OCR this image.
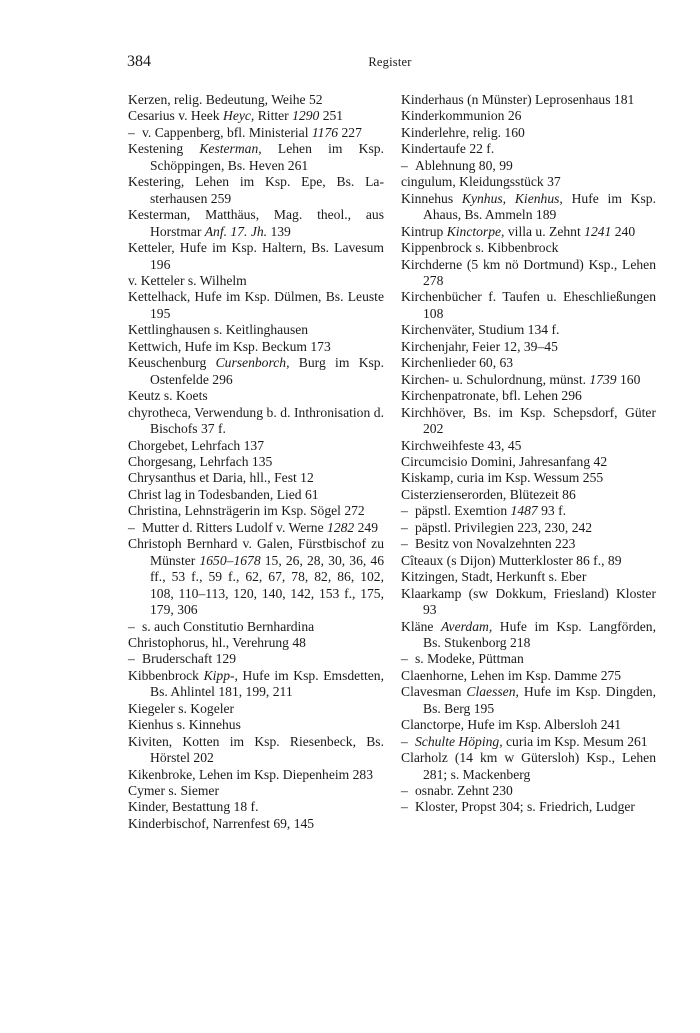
384	Register
Kerzen, relig. Bedeutung, Weihe 52
Cesarius v. Heek Heyc, Ritter 1290 251
– v. Cappenberg, bfl. Ministerial 1176 227
Kestening Kesterman, Lehen im Ksp. Schöppingen, Bs. Heven 261
Kestering, Lehen im Ksp. Epe, Bs. Lasterhausen 259
Kesterman, Matthäus, Mag. theol., aus Horstmar Anf. 17. Jh. 139
Ketteler, Hufe im Ksp. Haltern, Bs. Lavesum 196
v. Ketteler s. Wilhelm
Kettelhack, Hufe im Ksp. Dülmen, Bs. Leuste 195
Kettlinghausen s. Keitlinghausen
Kettwich, Hufe im Ksp. Beckum 173
Keuschenburg Cursenborch, Burg im Ksp. Ostenfelde 296
Keutz s. Koets
chyrotheca, Verwendung b. d. Inthronisation d. Bischofs 37 f.
Chorgebet, Lehrfach 137
Chorgesang, Lehrfach 135
Chrysanthus et Daria, hll., Fest 12
Christ lag in Todesbanden, Lied 61
Christina, Lehnsträgerin im Ksp. Sögel 272
– Mutter d. Ritters Ludolf v. Werne 1282 249
Christoph Bernhard v. Galen, Fürstbischof zu Münster 1650–1678 15, 26, 28, 30, 36, 46 ff., 53 f., 59 f., 62, 67, 78, 82, 86, 102, 108, 110–113, 120, 140, 142, 153 f., 175, 179, 306
– s. auch Constitutio Bernhardina
Christophorus, hl., Verehrung 48
– Bruderschaft 129
Kibbenbrock Kipp-, Hufe im Ksp. Emsdetten, Bs. Ahlintel 181, 199, 211
Kiegeler s. Kogeler
Kienhus s. Kinnehus
Kiviten, Kotten im Ksp. Riesenbeck, Bs. Hörstel 202
Kikenbroke, Lehen im Ksp. Diepenheim 283
Cymer s. Siemer
Kinder, Bestattung 18 f.
Kinderbischof, Narrenfest 69, 145
Kinderhaus (n Münster) Leprosenhaus 181
Kinderkommunion 26
Kinderlehre, relig. 160
Kindertaufe 22 f.
– Ablehnung 80, 99
cingulum, Kleidungsstück 37
Kinnehus Kynhus, Kienhus, Hufe im Ksp. Ahaus, Bs. Ammeln 189
Kintrup Kinctorpe, villa u. Zehnt 1241 240
Kippenbrock s. Kibbenbrock
Kirchderne (5 km nö Dortmund) Ksp., Lehen 278
Kirchenbücher f. Taufen u. Eheschließungen 108
Kirchenväter, Studium 134 f.
Kirchenjahr, Feier 12, 39–45
Kirchenlieder 60, 63
Kirchen- u. Schulordnung, münst. 1739 160
Kirchenpatronate, bfl. Lehen 296
Kirchhöver, Bs. im Ksp. Schepsdorf, Güter 202
Kirchweihfeste 43, 45
Circumcisio Domini, Jahresanfang 42
Kiskamp, curia im Ksp. Wessum 255
Cisterzienserorden, Blütezeit 86
– päpstl. Exemtion 1487 93 f.
– päpstl. Privilegien 223, 230, 242
– Besitz von Novalzehnten 223
Cîteaux (s Dijon) Mutterkloster 86 f., 89
Kitzingen, Stadt, Herkunft s. Eber
Klaarkamp (sw Dokkum, Friesland) Kloster 93
Kläne Averdam, Hufe im Ksp. Langförden, Bs. Stukenborg 218
– s. Modeke, Püttman
Claenhorne, Lehen im Ksp. Damme 275
Clavesman Claessen, Hufe im Ksp. Dingden, Bs. Berg 195
Clanctorpe, Hufe im Ksp. Albersloh 241
– Schulte Höping, curia im Ksp. Mesum 261
Clarholz (14 km w Gütersloh) Ksp., Lehen 281; s. Mackenberg
– osnabr. Zehnt 230
– Kloster, Propst 304; s. Friedrich, Ludger
